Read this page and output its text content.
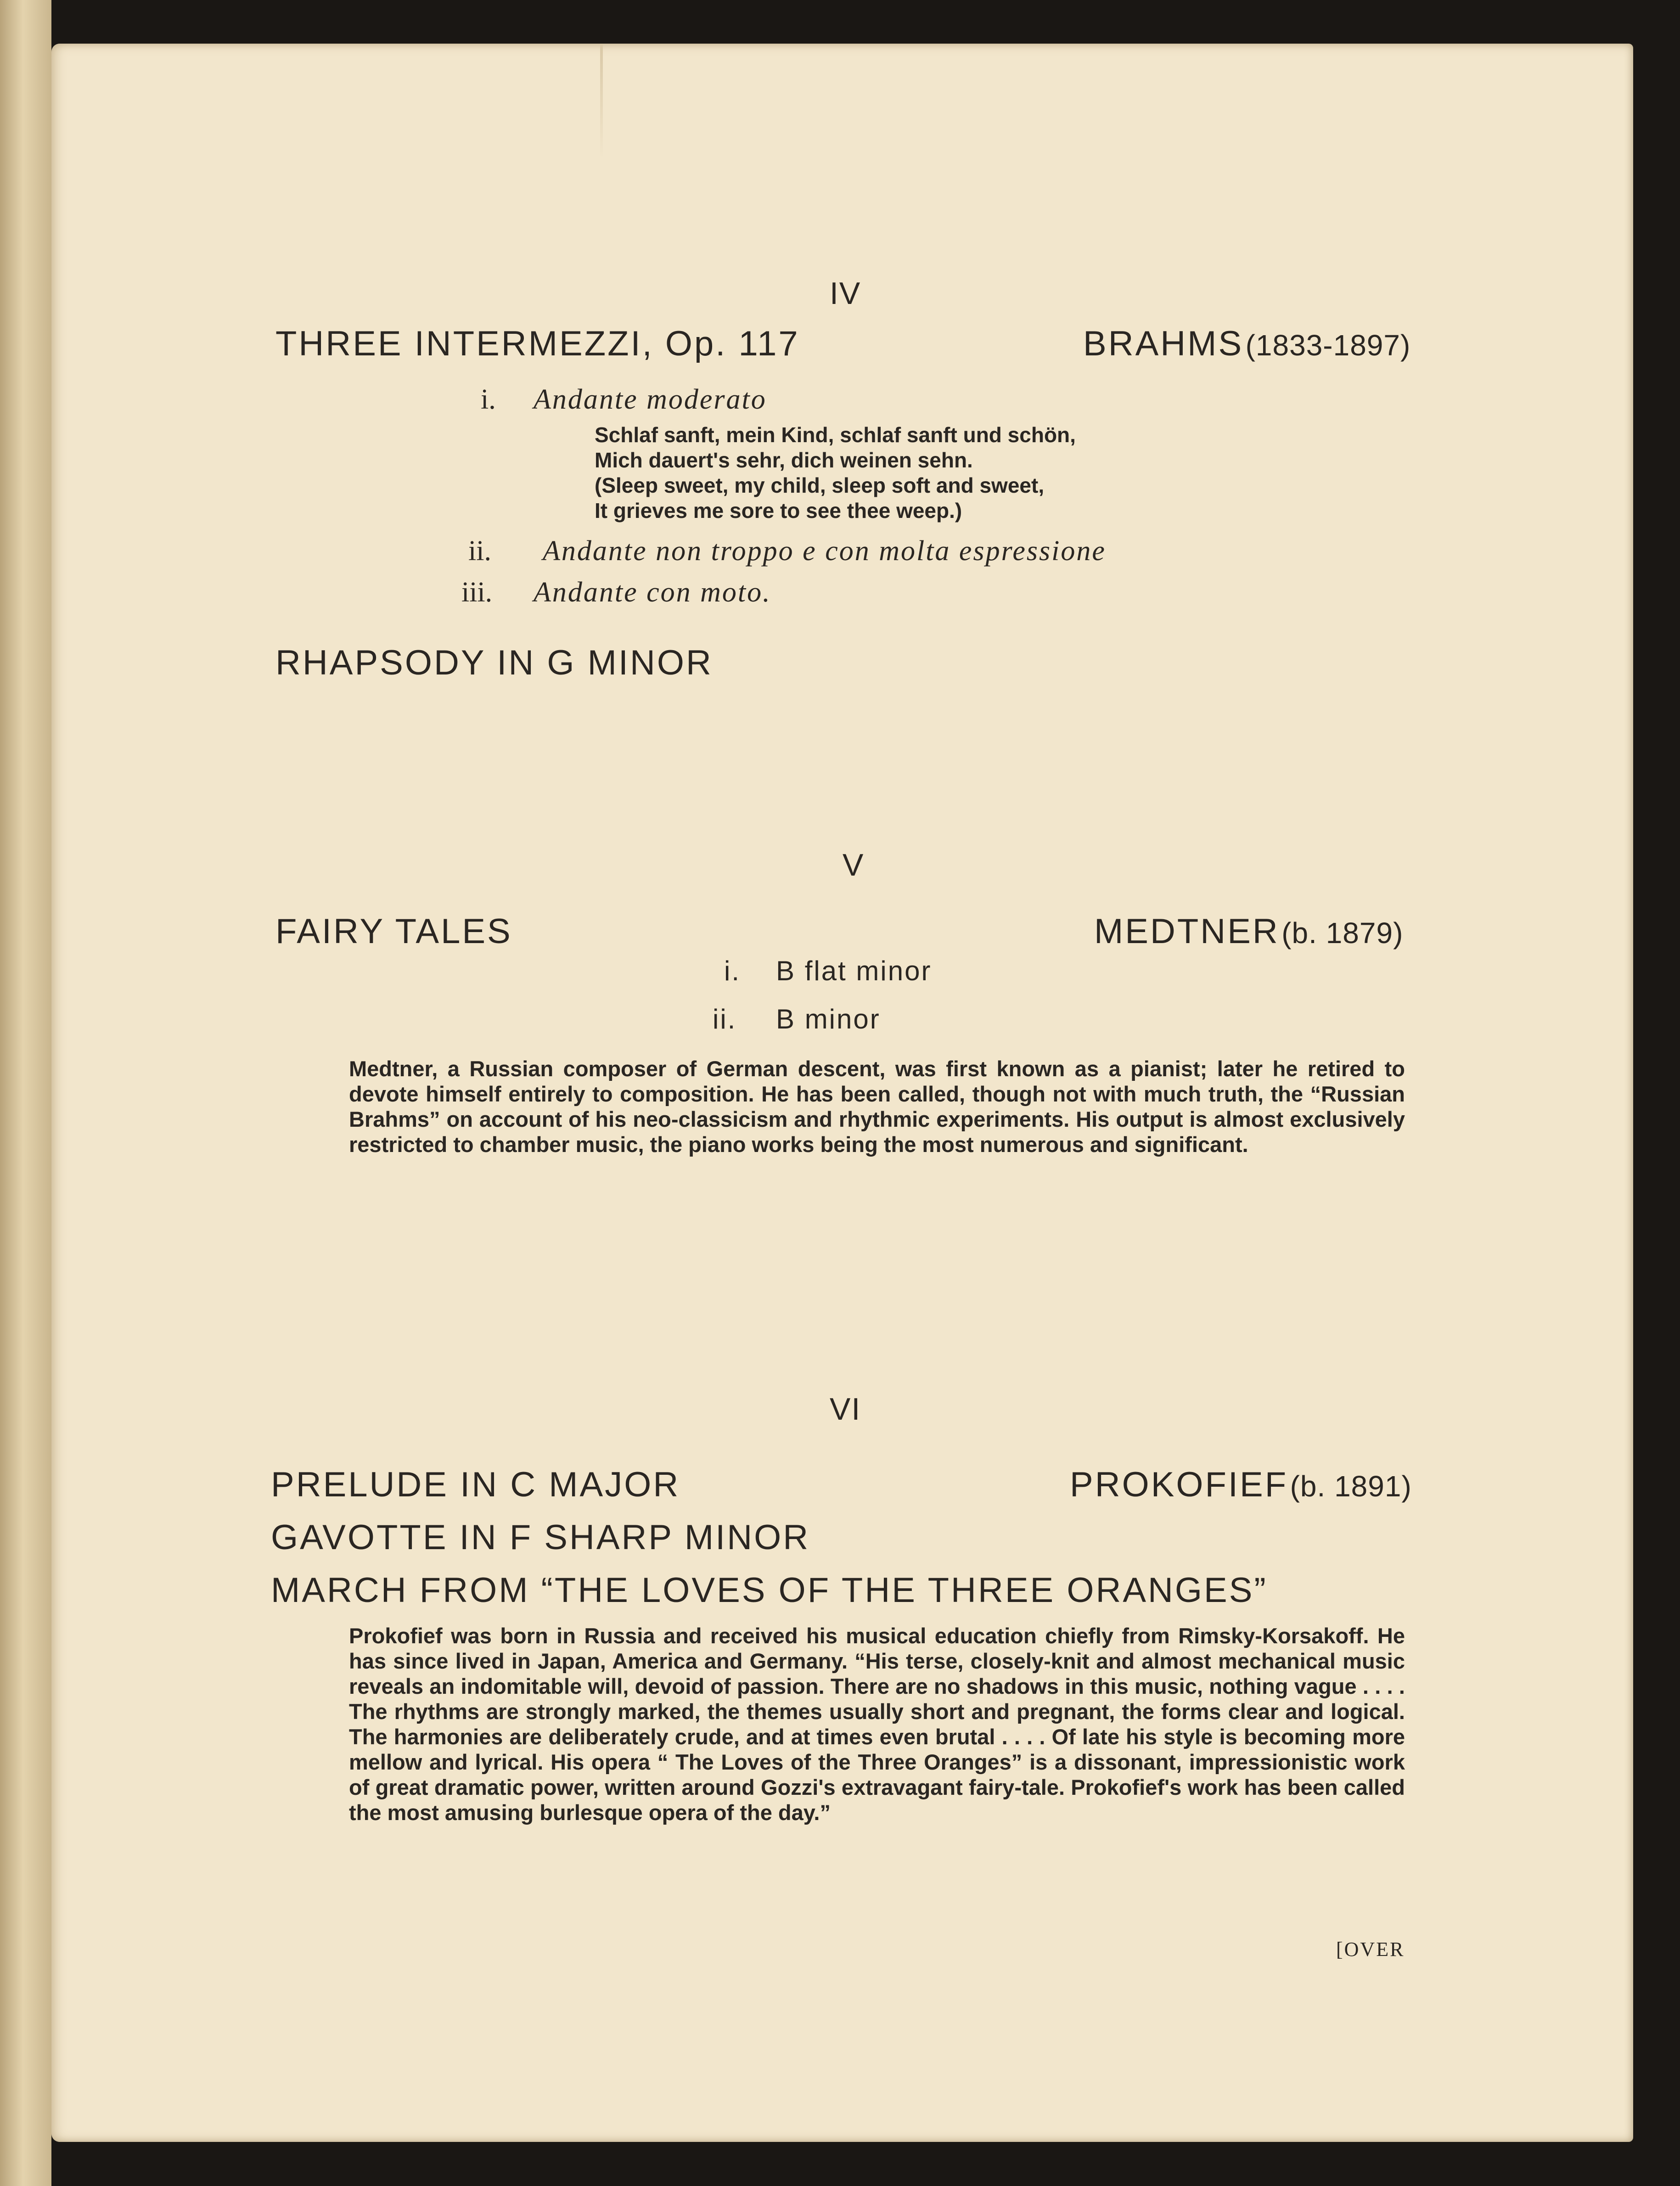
IV
THREE INTERMEZZI, Op. 117	BRAHMS (1833-1897)
i. Andante moderato
Schlaf sanft, mein Kind, schlaf sanft und schön,
Mich dauert's sehr, dich weinen sehn.
(Sleep sweet, my child, sleep soft and sweet,
It grieves me sore to see thee weep.)
ii. Andante non troppo e con molta espressione
iii. Andante con moto.
RHAPSODY IN G MINOR
V
FAIRY TALES	MEDTNER (b. 1879)
i. B flat minor
ii. B minor
Medtner, a Russian composer of German descent, was first known as a pianist; later he retired to devote himself entirely to composition. He has been called, though not with much truth, the “Russian Brahms” on account of his neo-classicism and rhythmic experiments. His output is almost exclusively restricted to chamber music, the piano works being the most numerous and significant.
VI
PRELUDE IN C MAJOR	PROKOFIEF (b. 1891)
GAVOTTE IN F SHARP MINOR
MARCH FROM “THE LOVES OF THE THREE ORANGES”
Prokofief was born in Russia and received his musical education chiefly from Rimsky-Korsakoff. He has since lived in Japan, America and Germany. “His terse, closely-knit and almost mechanical music reveals an indomitable will, devoid of passion. There are no shadows in this music, nothing vague . . . . The rhythms are strongly marked, the themes usually short and pregnant, the forms clear and logical. The harmonies are deliberately crude, and at times even brutal . . . . Of late his style is becoming more mellow and lyrical. His opera “ The Loves of the Three Oranges” is a dissonant, impressionistic work of great dramatic power, written around Gozzi's extravagant fairy-tale. Prokofief's work has been called the most amusing burlesque opera of the day.”
[OVER
